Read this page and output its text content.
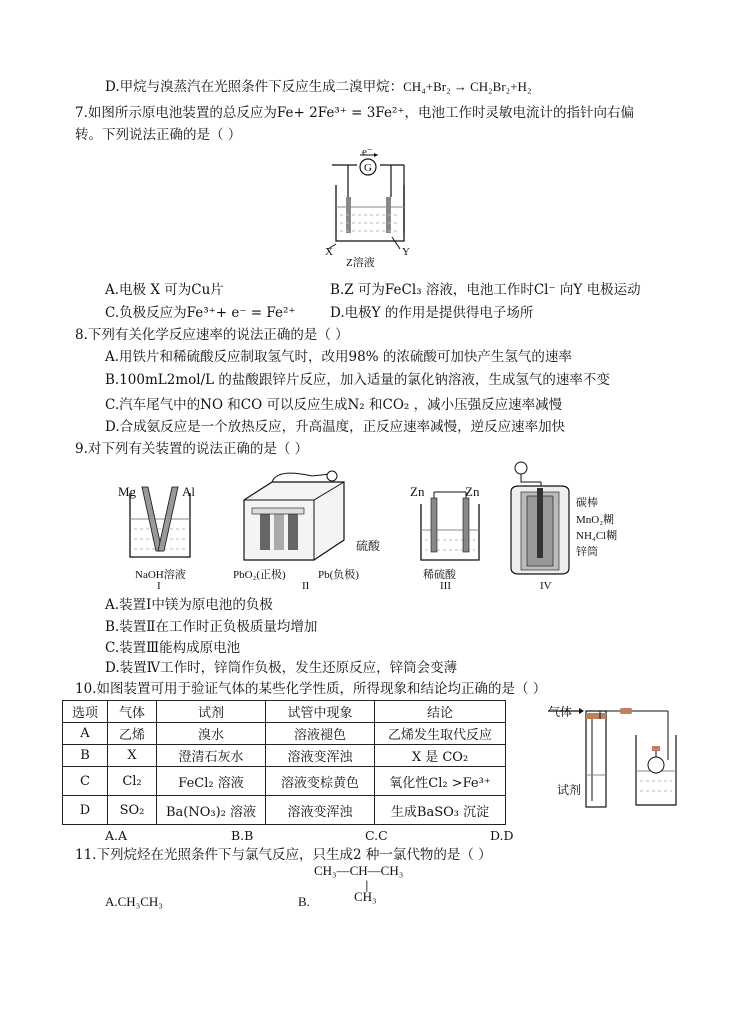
D.甲烷与溴蒸汽在光照条件下反应生成二溴甲烷：CH₄+Br₂ → CH₂Br₂+H₂
7.如图所示原电池装置的总反应为Fe+ 2Fe³⁺ = 3Fe²⁺，电池工作时灵敏电流计的指针向右偏
转。下列说法正确的是（ ）
e⁻
G
X	Y
Z溶液
A.电极 X 可为Cu片	B.Z 可为FeCl₃ 溶液，电池工作时Cl⁻ 向Y 电极运动
C.负极反应为Fe³⁺+ e⁻ = Fe²⁺	D.电极Y 的作用是提供得电子场所
8.下列有关化学反应速率的说法正确的是（ ）
A.用铁片和稀硫酸反应制取氢气时，改用98% 的浓硫酸可加快产生氢气的速率
B.100mL2mol/L 的盐酸跟锌片反应，加入适量的氯化钠溶液，生成氢气的速率不变
C.汽车尾气中的NO 和CO 可以反应生成N₂ 和CO₂ ，减小压强反应速率减慢
D.合成氨反应是一个放热反应，升高温度，正反应速率减慢，逆反应速率加快
9.对下列有关装置的说法正确的是（ ）
Mg	Al
NaOH溶液
I
硫酸
PbO₂(正极)	Pb(负极)
II
Zn	Zn
稀硫酸
III
碳棒
MnO₂糊
NH₄Cl糊
锌筒
IV
A.装置Ⅰ中镁为原电池的负极
B.装置Ⅱ在工作时正负极质量均增加
C.装置Ⅲ能构成原电池
D.装置Ⅳ工作时，锌筒作负极，发生还原反应，锌筒会变薄
10.如图装置可用于验证气体的某些化学性质，所得现象和结论均正确的是（ ）
选项	气体	试剂	试管中现象	结论
A	乙烯	溴水	溶液褪色	乙烯发生取代反应
B	X	澄清石灰水	溶液变浑浊	X 是 CO₂
C	Cl₂	FeCl₂ 溶液	溶液变棕黄色	氧化性Cl₂ >Fe³⁺
D	SO₂	Ba(NO₃)₂ 溶液	溶液变浑浊	生成BaSO₃ 沉淀
气体
试剂
A.A	B.B	C.C	D.D
11.下列烷烃在光照条件下与氯气反应，只生成2 种一氯代物的是（ ）
CH₃—CH—CH₃
|
CH₃
A.CH₃CH₃	B.
